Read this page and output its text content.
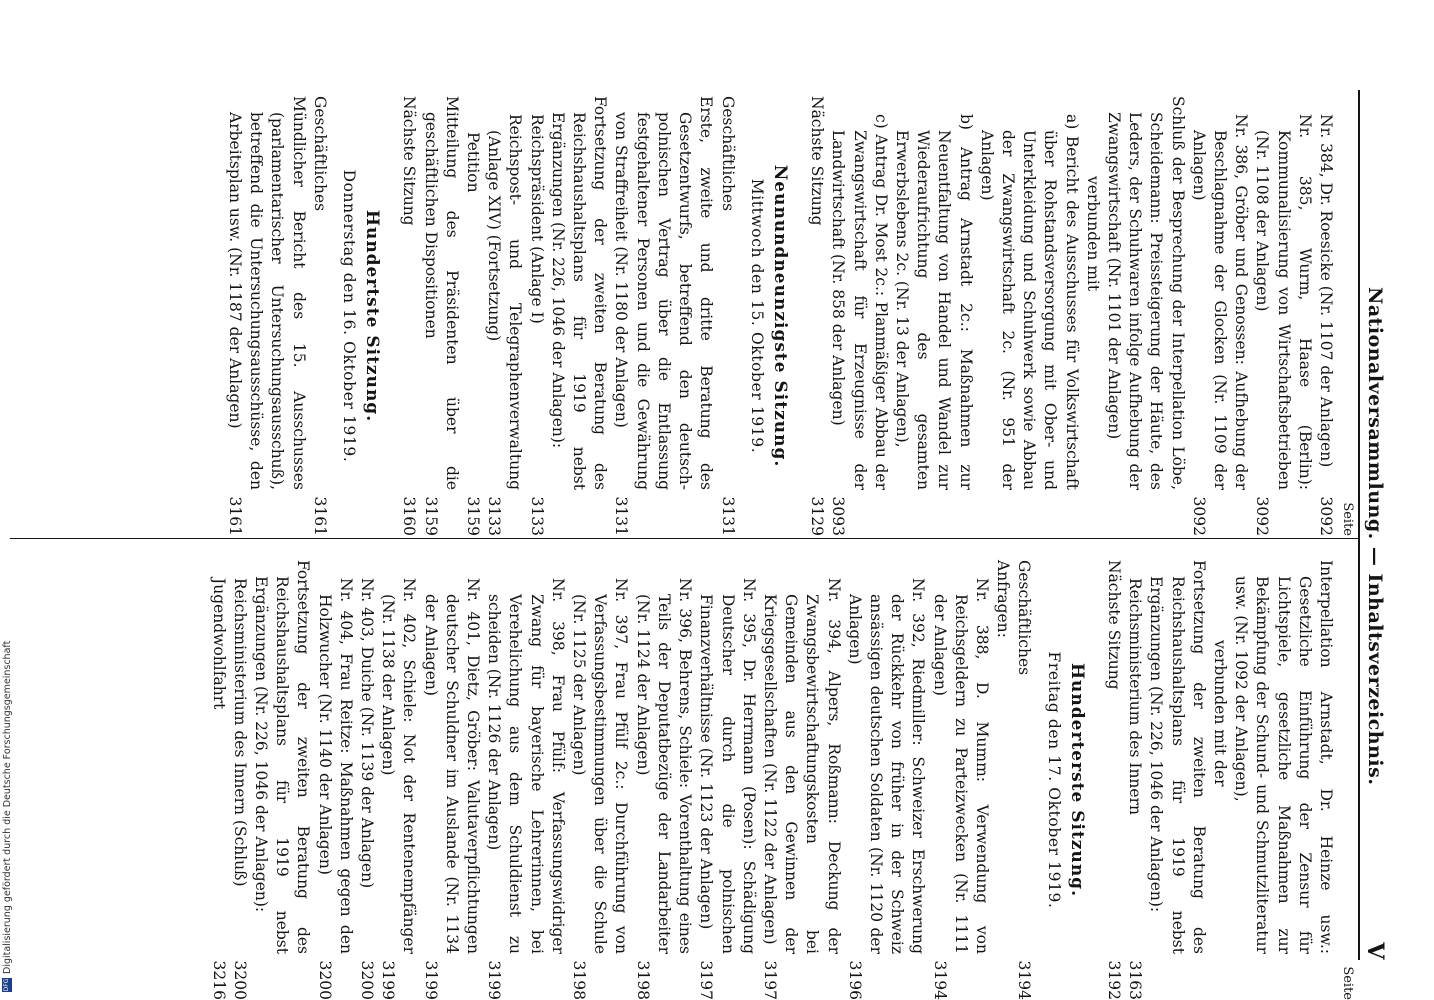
Nationalversammlung. — Inhaltsverzeichnis.
V
Seite
Nr. 384, Dr. Roesicke (Nr. 1107 der Anlagen)
3092
Nr. 385, Wurm, Haase (Berlin): Kommunalisierung von Wirtschaftsbetrieben (Nr. 1108 der Anlagen)
3092
Nr. 386, Gröber und Genossen: Aufhebung der Beschlagnahme der Glocken (Nr. 1109 der Anlagen)
3092
Schluß der Besprechung der Interpellation Löbe, Scheidemann: Preissteigerung der Häute, des Leders, der Schuhwaren infolge Aufhebung der Zwangswirtschaft (Nr. 1101 der Anlagen)
verbunden mit
a) Bericht des Ausschusses für Volkswirtschaft über Rohstandsversorgung mit Ober- und Unterkleidung und Schuhwerk sowie Abbau der Zwangswirtschaft 2c. (Nr. 951 der Anlagen)
b) Antrag Arnstadt 2c.: Maßnahmen zur Neuentfaltung von Handel und Wandel zur Wiederaufrichtung des gesamten Erwerbslebens 2c. (Nr. 13 der Anlagen),
c) Antrag Dr. Most 2c.: Planmäßiger Abbau der Zwangswirtschaft für Erzeugnisse der Landwirtschaft (Nr. 858 der Anlagen)
3093
Nächste Sitzung
3129
Neunundneunzigste Sitzung.
Mittwoch den 15. Oktober 1919.
Geschäftliches
3131
Erste, zweite und dritte Beratung des Gesetzentwurfs, betreffend den deutsch-polnischen Vertrag über die Entlassung festgehaltener Personen und die Gewährung von Straffreiheit (Nr. 1180 der Anlagen)
3131
Fortsetzung der zweiten Beratung des Reichshaushaltsplans für 1919 nebst Ergänzungen (Nr. 226, 1046 der Anlagen):
Reichspräsident (Anlage I)
3133
Reichspost- und Telegraphenverwaltung (Anlage XIV) (Fortsetzung)
3133
Petition
3159
Mitteilung des Präsidenten über die geschäftlichen Dispositionen
3159
Nächste Sitzung
3160
Hundertste Sitzung.
Donnerstag den 16. Oktober 1919.
Geschäftliches
3161
Mündlicher Bericht des 15. Ausschusses (parlamentarischer Untersuchungsausschuß), betreffend die Untersuchungsausschüsse, den Arbeitsplan usw. (Nr. 1187 der Anlagen)
3161
Seite
Interpellation Arnstadt, Dr. Heinze usw.: Gesetzliche Einführung der Zensur für Lichtspiele, gesetzliche Maßnahmen zur Bekämpfung der Schund- und Schmutzliteratur usw. (Nr. 1092 der Anlagen),
verbunden mit der
Fortsetzung der zweiten Beratung des Reichshaushaltsplans für 1919 nebst Ergänzungen (Nr. 226, 1046 der Anlagen):
Reichsministerium des Innern
3163
Nächste Sitzung
3192
Hunderterste Sitzung.
Freitag den 17. Oktober 1919.
Geschäftliches
3194
Anfragen:
Nr. 388, D. Mumm: Verwendung von Reichsgeldern zu Parteizwecken (Nr. 1111 der Anlagen)
3194
Nr. 392, Riedmiller: Schweizer Erschwerung der Rückkehr von früher in der Schweiz ansässigen deutschen Soldaten (Nr. 1120 der Anlagen)
3196
Nr. 394, Alpers, Roßmann: Deckung der Zwangsbewirtschaftungskosten bei Gemeinden aus den Gewinnen der Kriegsgesellschaften (Nr. 1122 der Anlagen)
3197
Nr. 395, Dr. Herrmann (Posen): Schädigung Deutscher durch die polnischen Finanzverhältnisse (Nr. 1123 der Anlagen)
3197
Nr. 396, Behrens, Schiele: Vorenthaltung eines Teils der Deputatbezüge der Landarbeiter (Nr. 1124 der Anlagen)
3198
Nr. 397, Frau Pfülf 2c.: Durchführung von Verfassungsbestimmungen über die Schule (Nr. 1125 der Anlagen)
3198
Nr. 398, Frau Pfülf: Verfassungswidriger Zwang für bayerische Lehrerinnen, bei Verehelichung aus dem Schuldienst zu scheiden (Nr. 1126 der Anlagen)
3199
Nr. 401, Dietz, Gröber: Valutaverpflichtungen deutscher Schuldner im Auslande (Nr. 1134 der Anlagen)
3199
Nr. 402, Schiele: Not der Rentenempfänger (Nr. 1138 der Anlagen)
3199
Nr. 403, Duiche (Nr. 1139 der Anlagen)
3200
Nr. 404, Frau Reitze: Maßnahmen gegen den Holzwucher (Nr. 1140 der Anlagen)
3200
Fortsetzung der zweiten Beratung des Reichshaushaltsplans für 1919 nebst Ergänzungen (Nr. 226, 1046 der Anlagen):
Reichsministerium des Innern (Schluß)
3200
Jugendwohlfahrt
3216
DFG
Digitalisierung gefördert durch die Deutsche Forschungsgemeinschaft
